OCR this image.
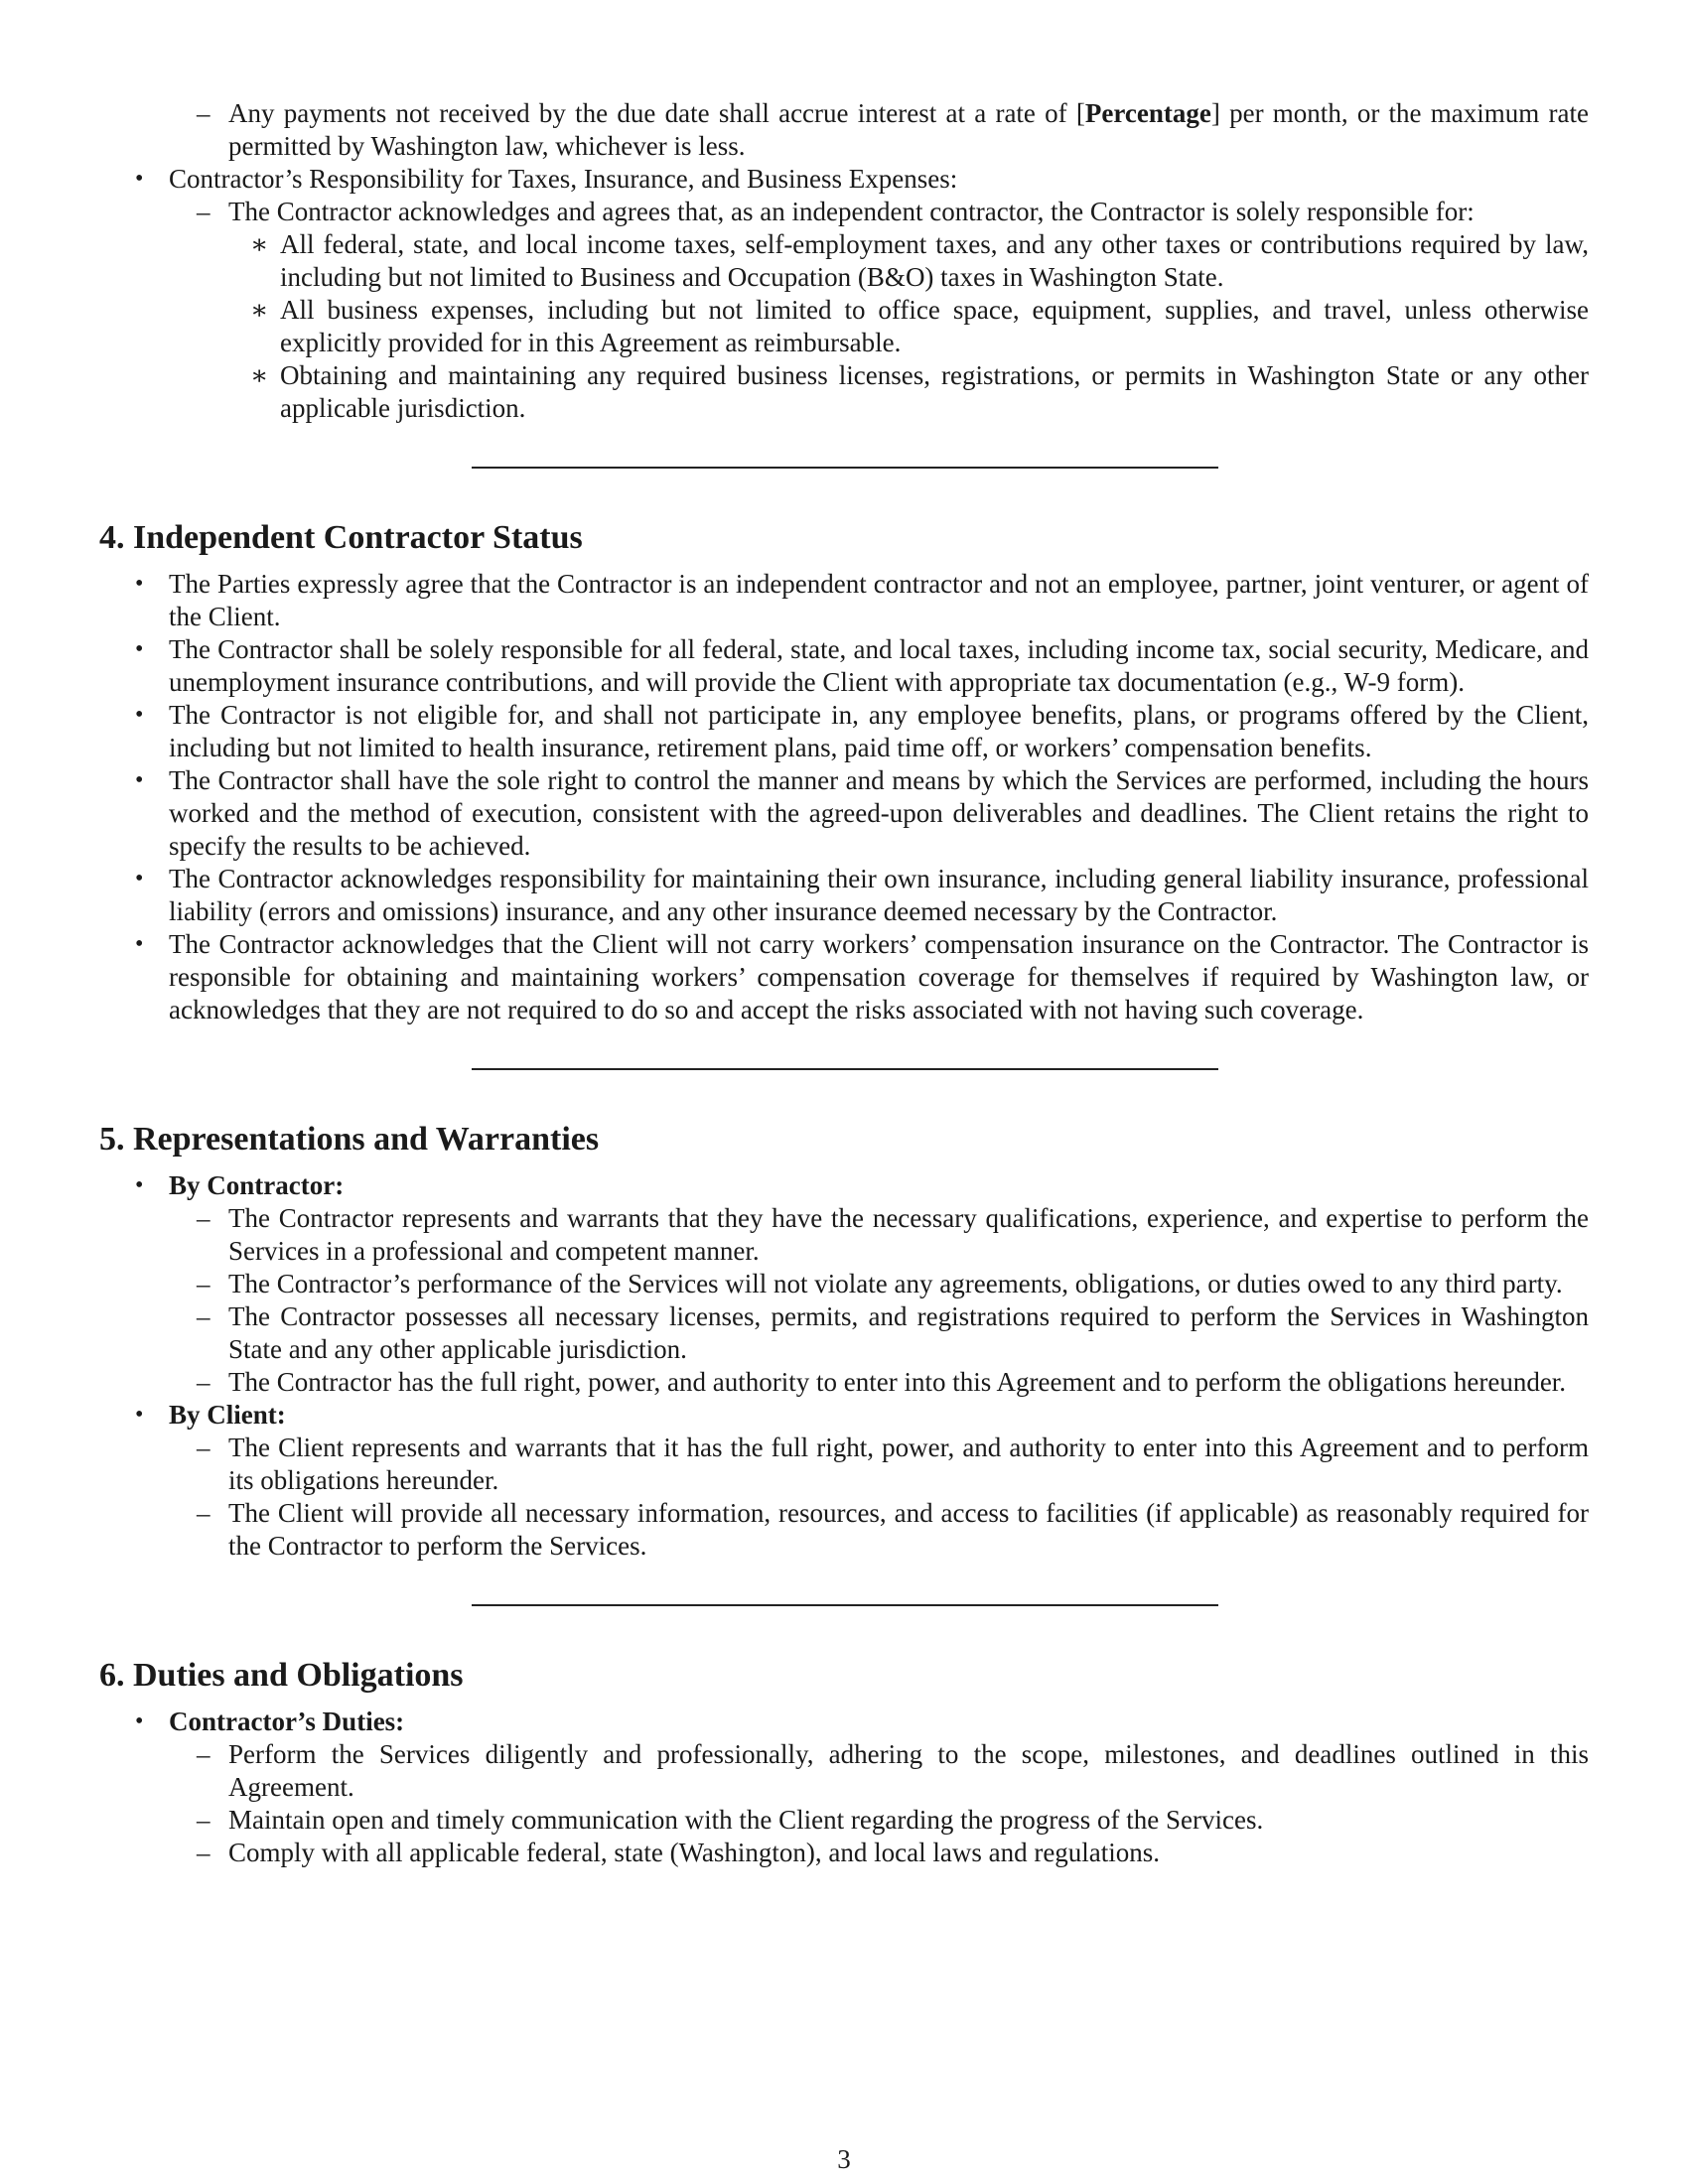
– Any payments not received by the due date shall accrue interest at a rate of [Percentage] per month, or the maximum rate permitted by Washington law, whichever is less.

• Contractor’s Responsibility for Taxes, Insurance, and Business Expenses:

– The Contractor acknowledges and agrees that, as an independent contractor, the Contractor is solely responsible for:

∗ All federal, state, and local income taxes, self-employment taxes, and any other taxes or contributions required by law, including but not limited to Business and Occupation (B&O) taxes in Washington State.

∗ All business expenses, including but not limited to office space, equipment, supplies, and travel, unless otherwise explicitly provided for in this Agreement as reimbursable.

∗ Obtaining and maintaining any required business licenses, registrations, or permits in Washington State or any other applicable jurisdiction.

4. Independent Contractor Status

• The Parties expressly agree that the Contractor is an independent contractor and not an employee, partner, joint venturer, or agent of the Client.

• The Contractor shall be solely responsible for all federal, state, and local taxes, including income tax, social security, Medicare, and unemployment insurance contributions, and will provide the Client with appropriate tax documentation (e.g., W-9 form).

• The Contractor is not eligible for, and shall not participate in, any employee benefits, plans, or programs offered by the Client, including but not limited to health insurance, retirement plans, paid time off, or workers’ compensation benefits.

• The Contractor shall have the sole right to control the manner and means by which the Services are performed, including the hours worked and the method of execution, consistent with the agreed-upon deliverables and deadlines. The Client retains the right to specify the results to be achieved.

• The Contractor acknowledges responsibility for maintaining their own insurance, including general liability insurance, professional liability (errors and omissions) insurance, and any other insurance deemed necessary by the Contractor.

• The Contractor acknowledges that the Client will not carry workers’ compensation insurance on the Contractor. The Contractor is responsible for obtaining and maintaining workers’ compensation coverage for themselves if required by Washington law, or acknowledges that they are not required to do so and accept the risks associated with not having such coverage.

5. Representations and Warranties

• By Contractor:

– The Contractor represents and warrants that they have the necessary qualifications, experience, and expertise to perform the Services in a professional and competent manner.

– The Contractor’s performance of the Services will not violate any agreements, obligations, or duties owed to any third party.

– The Contractor possesses all necessary licenses, permits, and registrations required to perform the Services in Washington State and any other applicable jurisdiction.

– The Contractor has the full right, power, and authority to enter into this Agreement and to perform the obligations hereunder.

• By Client:

– The Client represents and warrants that it has the full right, power, and authority to enter into this Agreement and to perform its obligations hereunder.

– The Client will provide all necessary information, resources, and access to facilities (if applicable) as reasonably required for the Contractor to perform the Services.

6. Duties and Obligations

• Contractor’s Duties:

– Perform the Services diligently and professionally, adhering to the scope, milestones, and deadlines outlined in this Agreement.

– Maintain open and timely communication with the Client regarding the progress of the Services.

– Comply with all applicable federal, state (Washington), and local laws and regulations.

3
